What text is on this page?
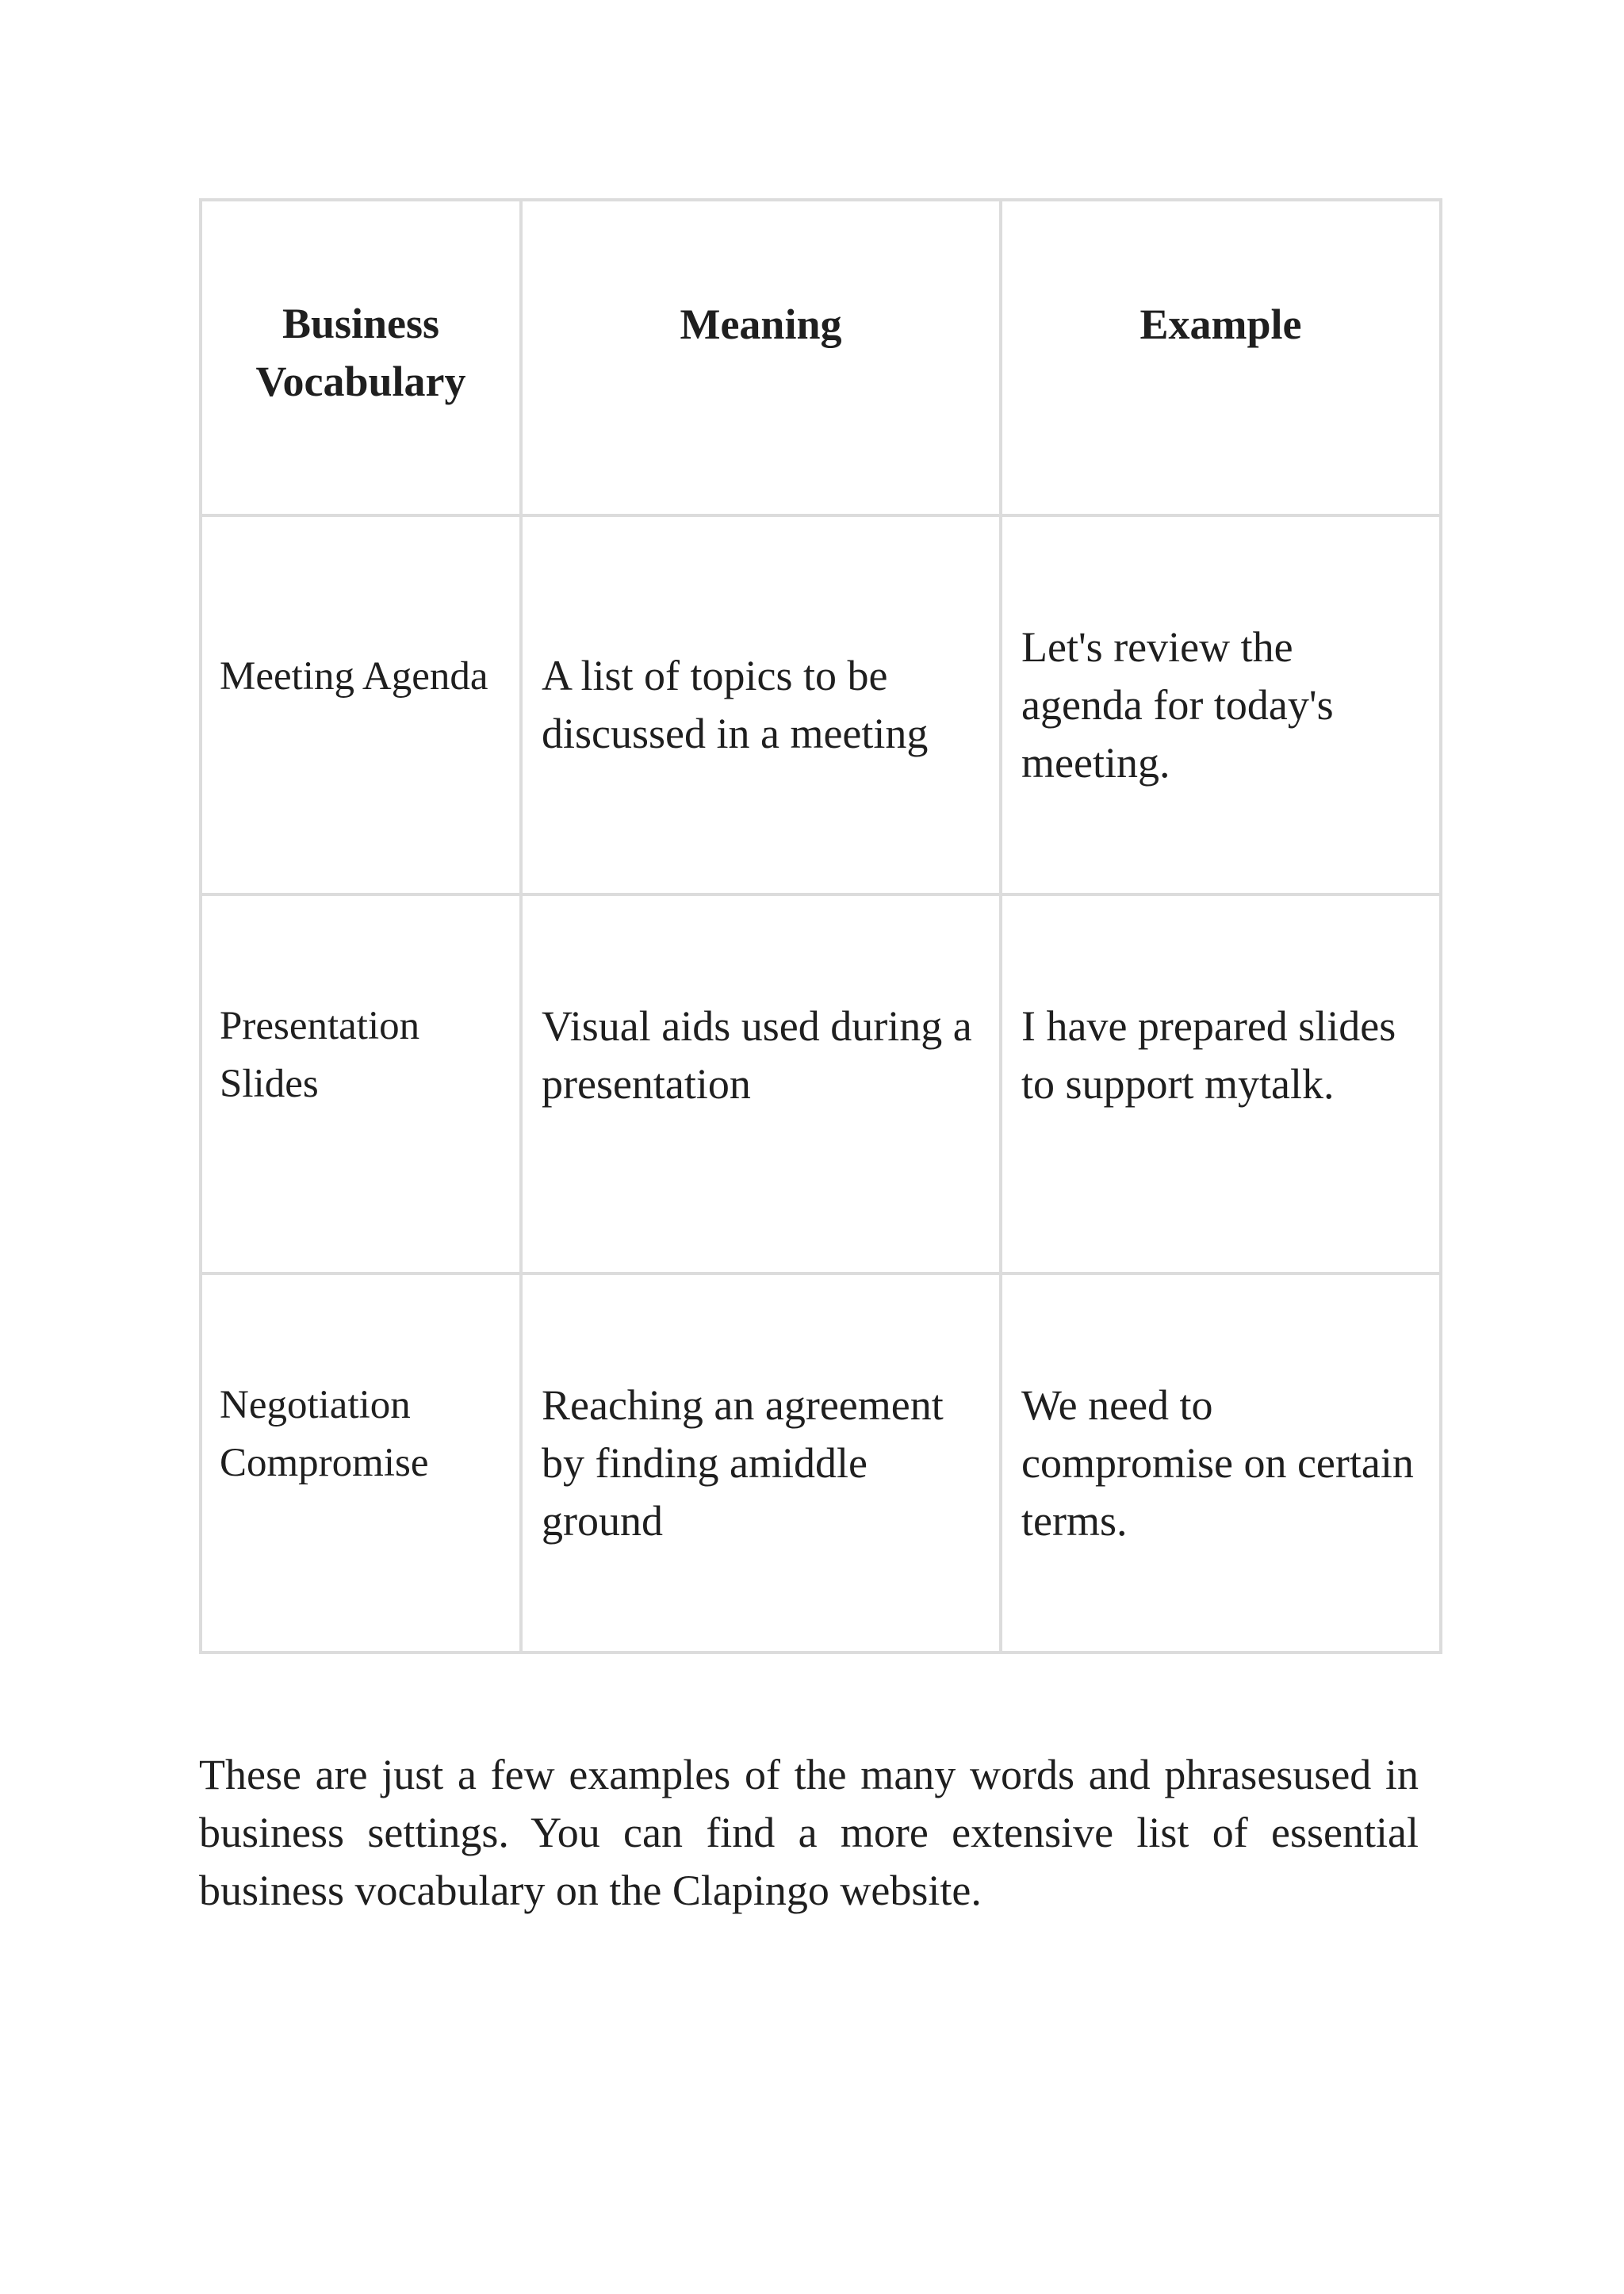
Business Vocabulary	Meaning	Example

Meeting Agenda	A list of topics to be discussed in a meeting	Let's review the agenda for today's meeting.

Presentation Slides	Visual aids used during a presentation	I have prepared slides to support mytalk.

Negotiation Compromise	Reaching an agreement by finding amiddle ground	We need to compromise on certain terms.

These are just a few examples of the many words and phrasesused in business settings. You can find a more extensive list of essential business vocabulary on the Clapingo website.
